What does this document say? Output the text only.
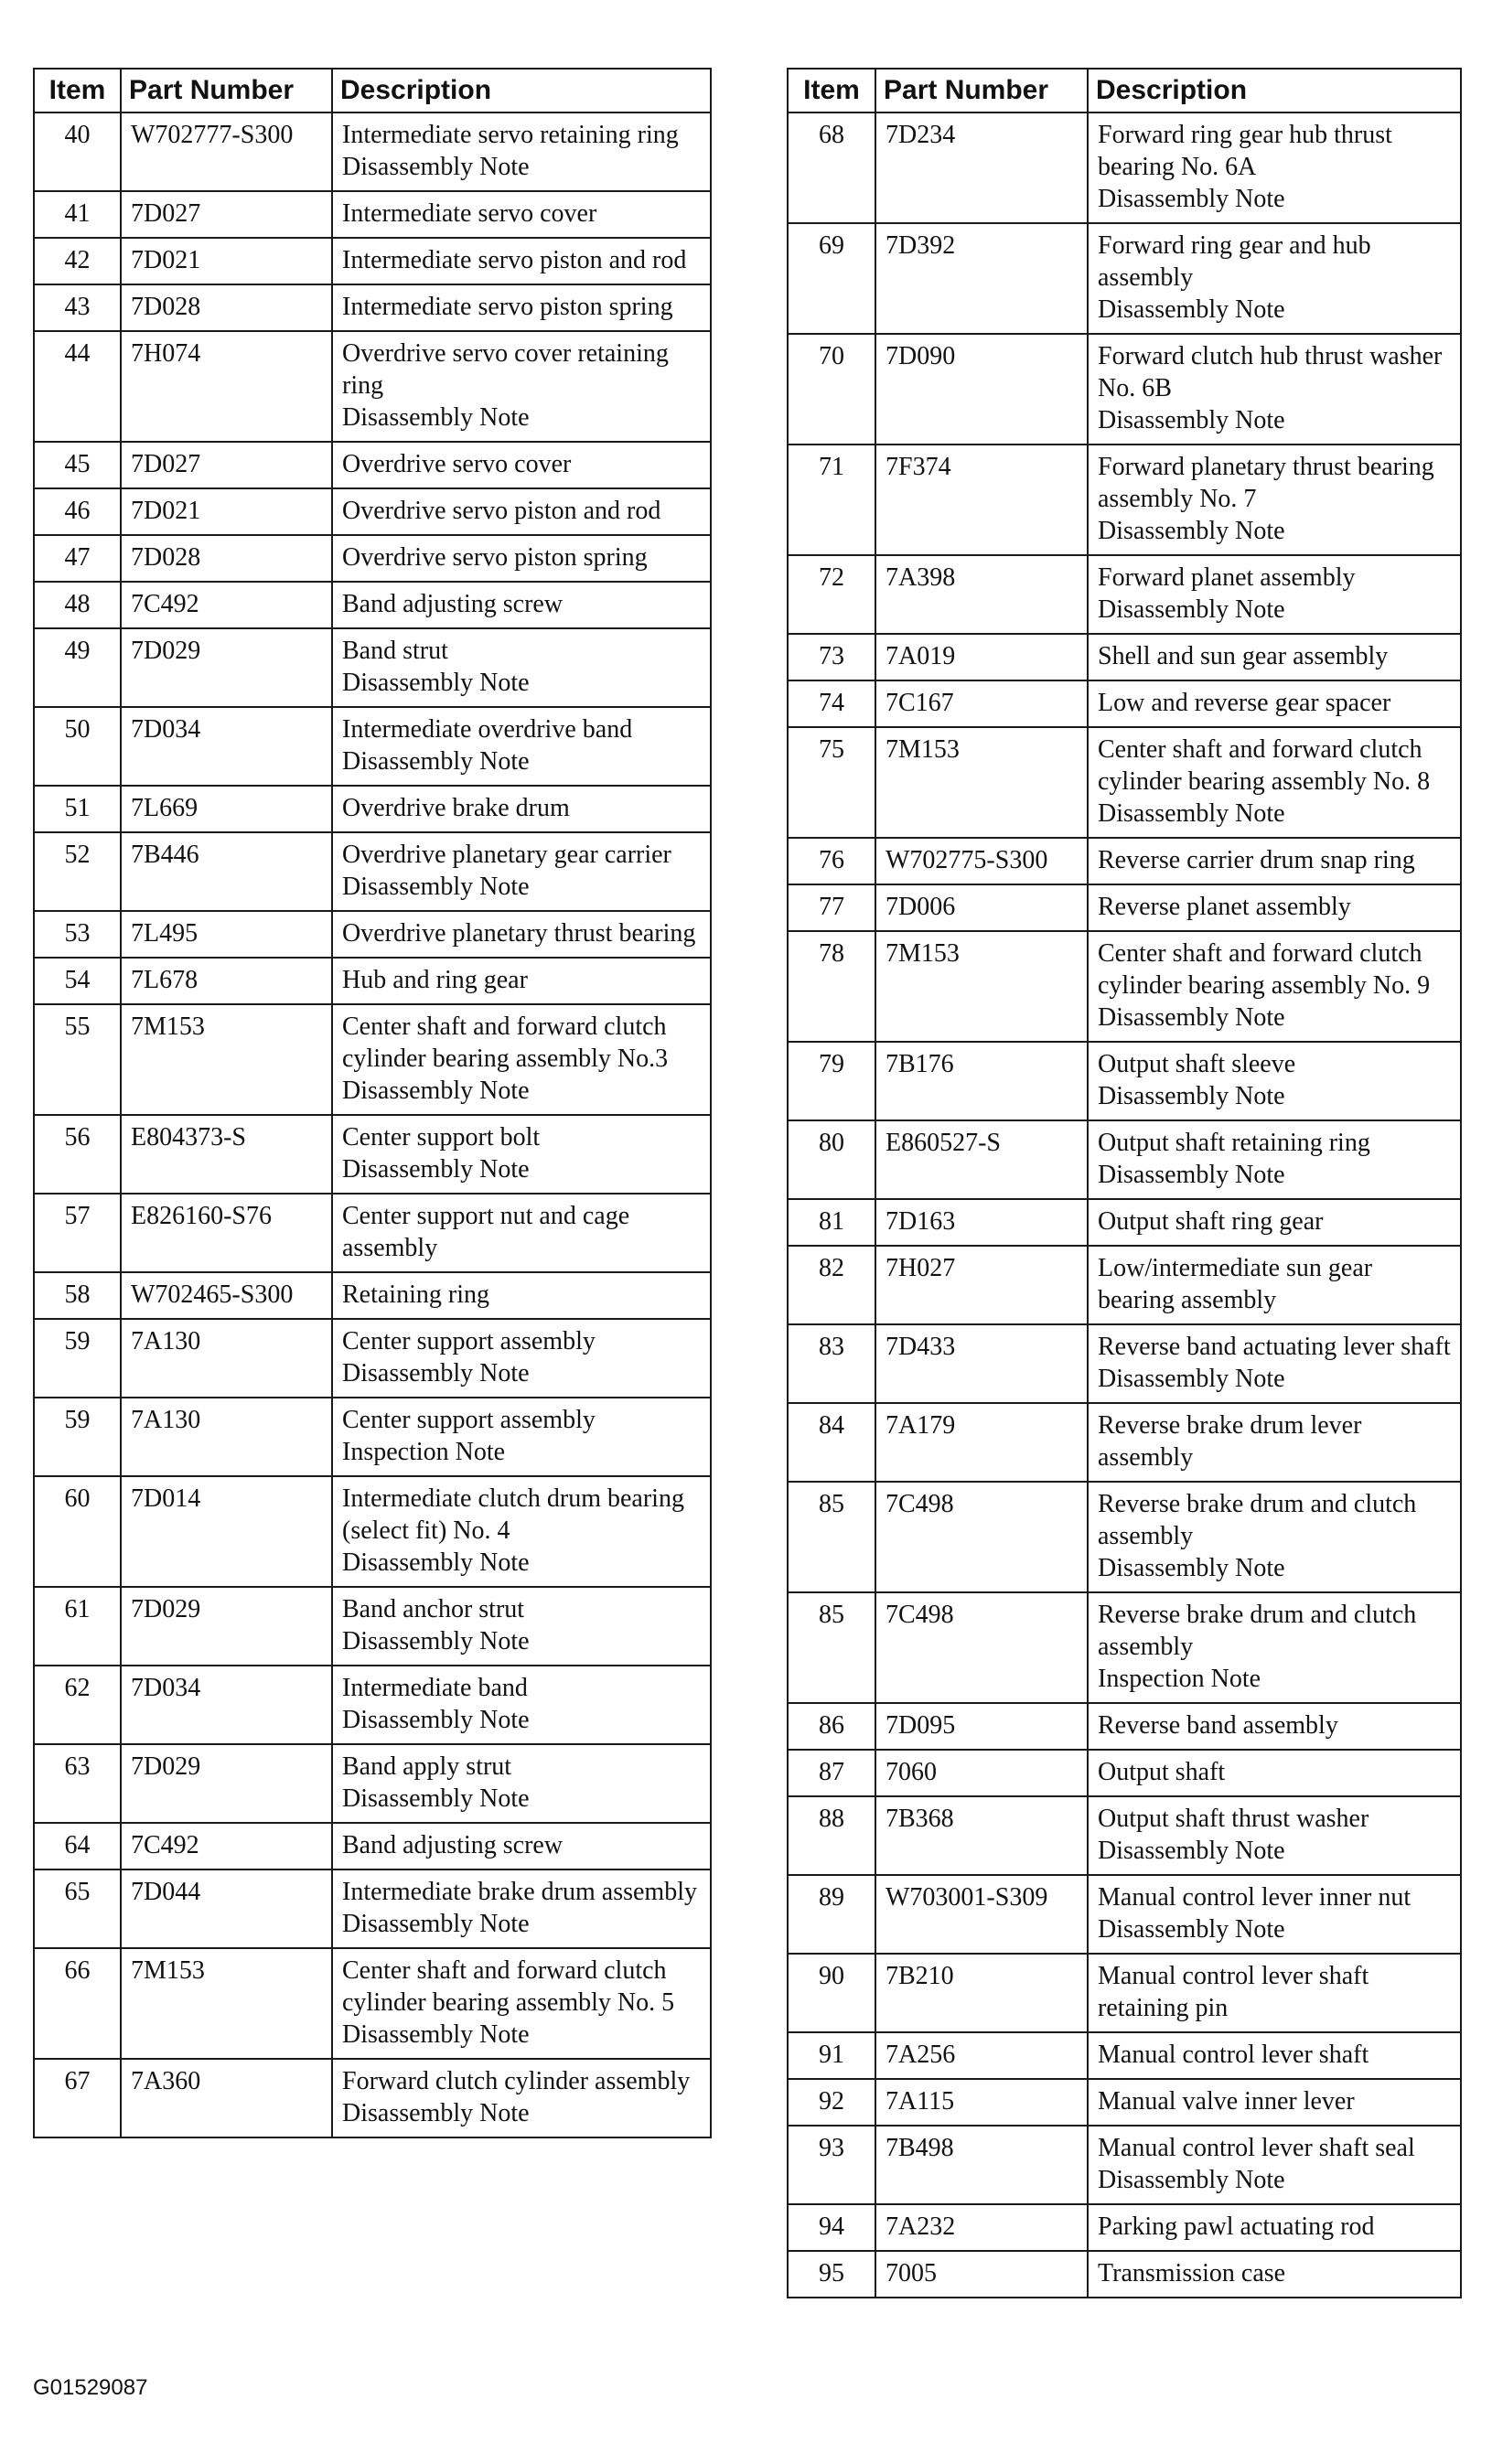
Item	Part Number	Description
40	W702777-S300	Intermediate servo retaining ring
Disassembly Note

41	7D027	Intermediate servo cover

42	7D021	Intermediate servo piston and rod

43	7D028	Intermediate servo piston spring

44	7H074	Overdrive servo cover retaining ring
Disassembly Note

45	7D027	Overdrive servo cover

46	7D021	Overdrive servo piston and rod

47	7D028	Overdrive servo piston spring

48	7C492	Band adjusting screw

49	7D029	Band strut
Disassembly Note

50	7D034	Intermediate overdrive band
Disassembly Note

51	7L669	Overdrive brake drum

52	7B446	Overdrive planetary gear carrier
Disassembly Note

53	7L495	Overdrive planetary thrust bearing

54	7L678	Hub and ring gear

55	7M153	Center shaft and forward clutch cylinder bearing assembly No.3
Disassembly Note

56	E804373-S	Center support bolt
Disassembly Note

57	E826160-S76	Center support nut and cage assembly

58	W702465-S300	Retaining ring

59	7A130	Center support assembly
Disassembly Note

59	7A130	Center support assembly
Inspection Note

60	7D014	Intermediate clutch drum bearing (select fit) No. 4
Disassembly Note

61	7D029	Band anchor strut
Disassembly Note

62	7D034	Intermediate band
Disassembly Note

63	7D029	Band apply strut
Disassembly Note

64	7C492	Band adjusting screw

65	7D044	Intermediate brake drum assembly
Disassembly Note

66	7M153	Center shaft and forward clutch cylinder bearing assembly No. 5
Disassembly Note

67	7A360	Forward clutch cylinder assembly
Disassembly Note
Item	Part Number	Description
68	7D234	Forward ring gear hub thrust bearing No. 6A
Disassembly Note

69	7D392	Forward ring gear and hub assembly
Disassembly Note

70	7D090	Forward clutch hub thrust washer No. 6B
Disassembly Note

71	7F374	Forward planetary thrust bearing assembly No. 7
Disassembly Note

72	7A398	Forward planet assembly
Disassembly Note

73	7A019	Shell and sun gear assembly

74	7C167	Low and reverse gear spacer

75	7M153	Center shaft and forward clutch cylinder bearing assembly No. 8
Disassembly Note

76	W702775-S300	Reverse carrier drum snap ring

77	7D006	Reverse planet assembly

78	7M153	Center shaft and forward clutch cylinder bearing assembly No. 9
Disassembly Note

79	7B176	Output shaft sleeve
Disassembly Note

80	E860527-S	Output shaft retaining ring
Disassembly Note

81	7D163	Output shaft ring gear

82	7H027	Low/intermediate sun gear bearing assembly

83	7D433	Reverse band actuating lever shaft
Disassembly Note

84	7A179	Reverse brake drum lever assembly

85	7C498	Reverse brake drum and clutch assembly
Disassembly Note

85	7C498	Reverse brake drum and clutch assembly
Inspection Note

86	7D095	Reverse band assembly

87	7060	Output shaft

88	7B368	Output shaft thrust washer
Disassembly Note

89	W703001-S309	Manual control lever inner nut
Disassembly Note

90	7B210	Manual control lever shaft retaining pin

91	7A256	Manual control lever shaft

92	7A115	Manual valve inner lever

93	7B498	Manual control lever shaft seal
Disassembly Note

94	7A232	Parking pawl actuating rod

95	7005	Transmission case
G01529087
